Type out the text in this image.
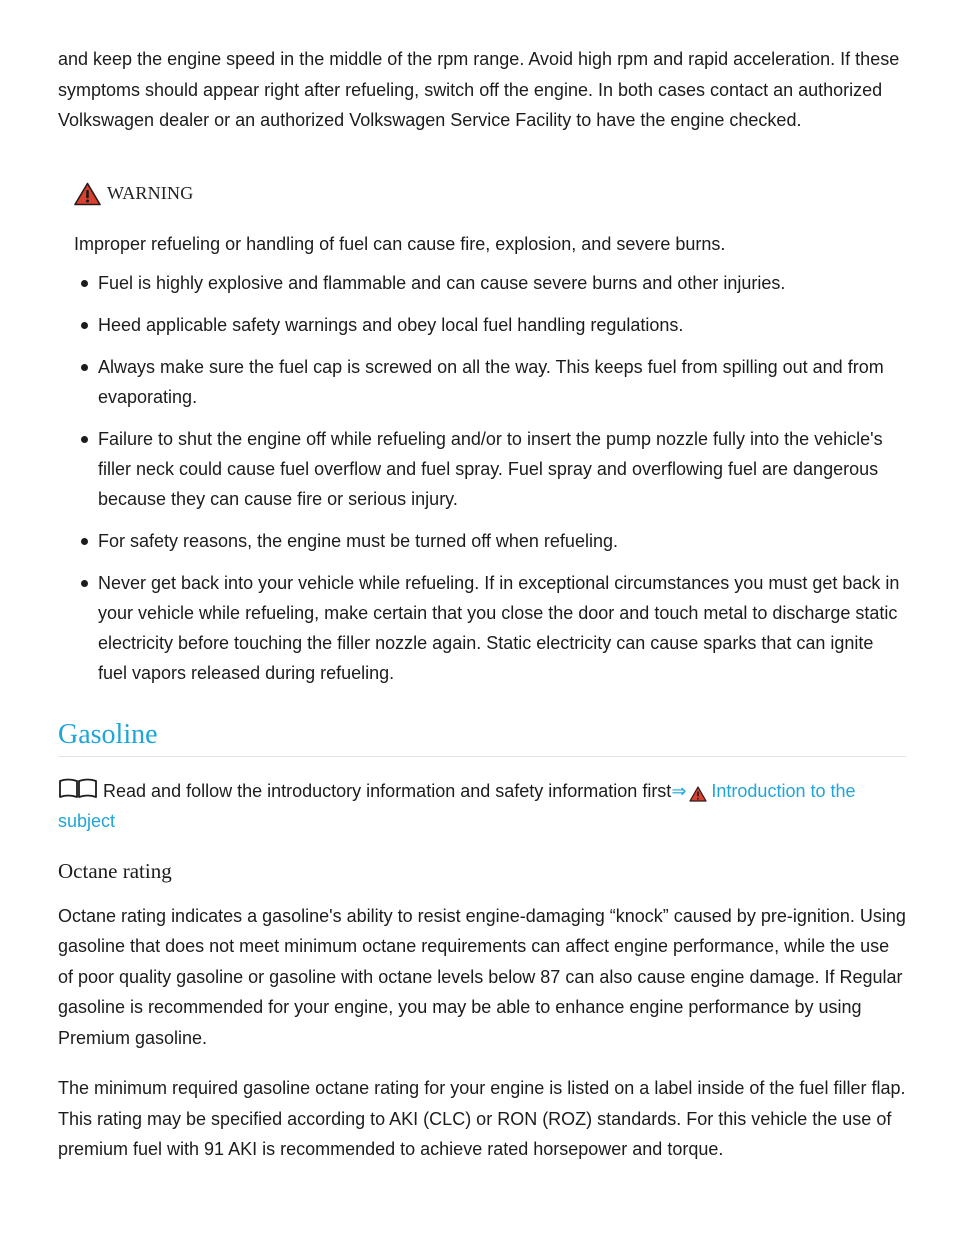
and keep the engine speed in the middle of the rpm range. Avoid high rpm and rapid acceleration. If these symptoms should appear right after refueling, switch off the engine. In both cases contact an authorized Volkswagen dealer or an authorized Volkswagen Service Facility to have the engine checked.

WARNING

Improper refueling or handling of fuel can cause fire, explosion, and severe burns.

Fuel is highly explosive and flammable and can cause severe burns and other injuries.
Heed applicable safety warnings and obey local fuel handling regulations.
Always make sure the fuel cap is screwed on all the way. This keeps fuel from spilling out and from evaporating.
Failure to shut the engine off while refueling and/or to insert the pump nozzle fully into the vehicle's filler neck could cause fuel overflow and fuel spray. Fuel spray and overflowing fuel are dangerous because they can cause fire or serious injury.
For safety reasons, the engine must be turned off when refueling.
Never get back into your vehicle while refueling. If in exceptional circumstances you must get back in your vehicle while refueling, make certain that you close the door and touch metal to discharge static electricity before touching the filler nozzle again. Static electricity can cause sparks that can ignite fuel vapors released during refueling.
Gasoline
Read and follow the introductory information and safety information first⇒ Introduction to the subject
Octane rating

Octane rating indicates a gasoline's ability to resist engine-damaging “knock” caused by pre-ignition. Using gasoline that does not meet minimum octane requirements can affect engine performance, while the use of poor quality gasoline or gasoline with octane levels below 87 can also cause engine damage. If Regular gasoline is recommended for your engine, you may be able to enhance engine performance by using Premium gasoline.

The minimum required gasoline octane rating for your engine is listed on a label inside of the fuel filler flap. This rating may be specified according to AKI (CLC) or RON (ROZ) standards. For this vehicle the use of premium fuel with 91 AKI is recommended to achieve rated horsepower and torque.
